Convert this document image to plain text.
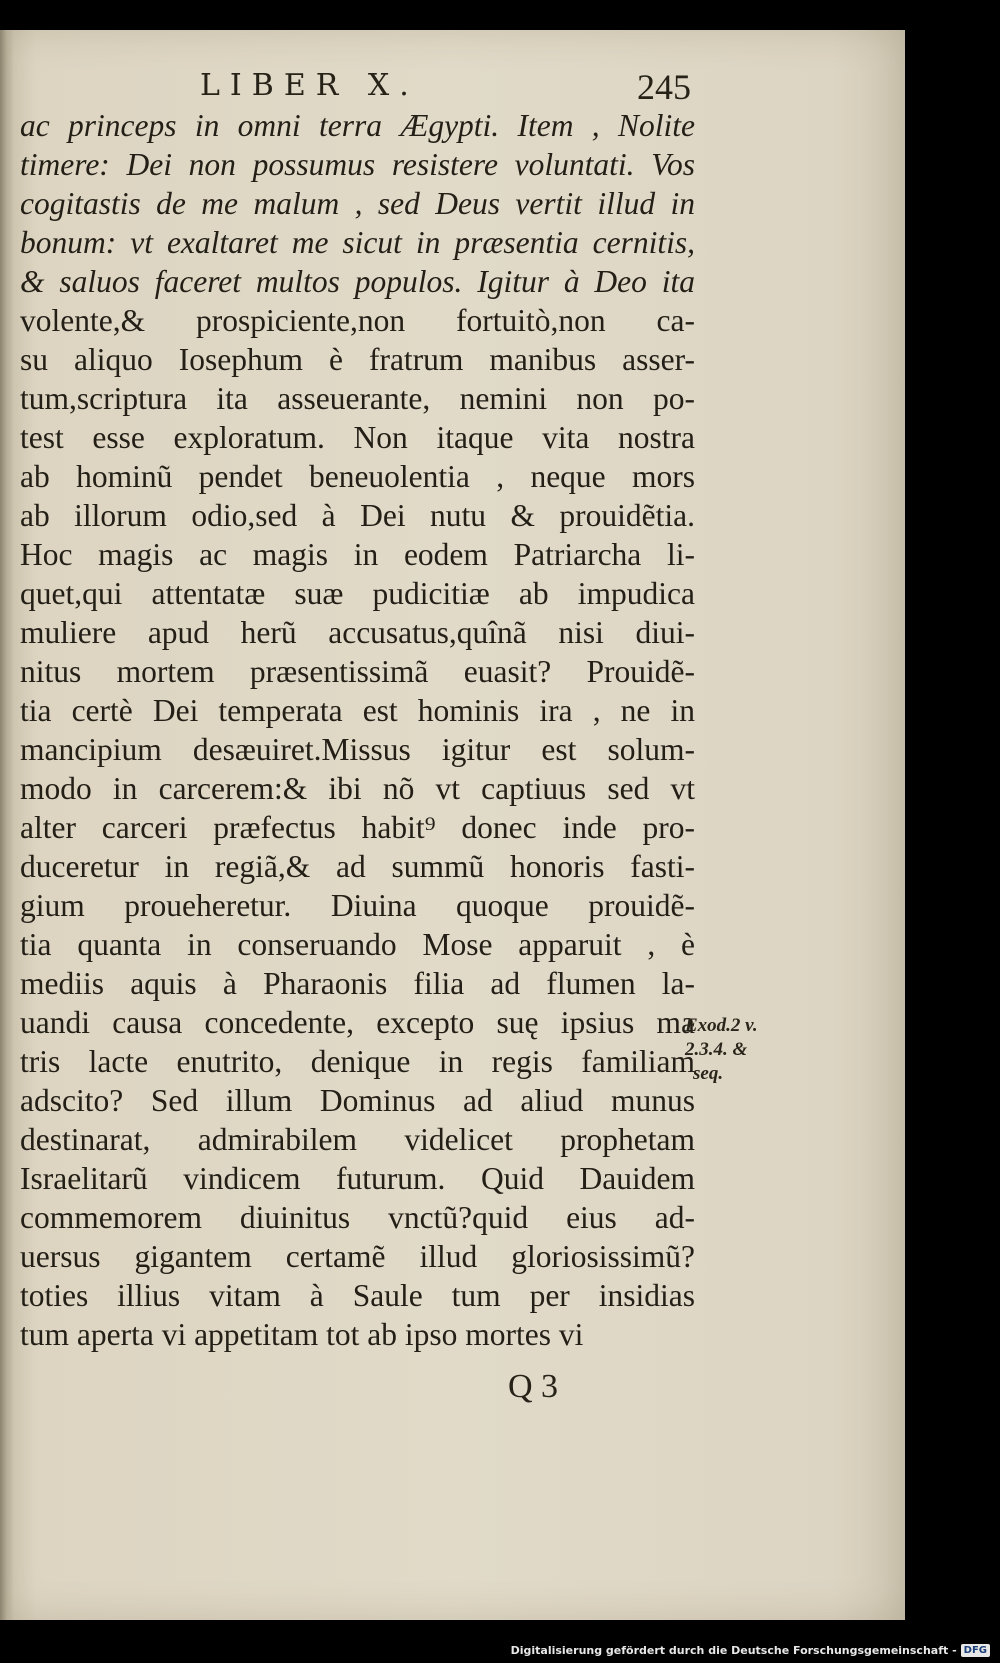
LIBER X.	245
ac princeps in omni terra Ægypti. Item , Nolite
timere: Dei non possumus resistere voluntati. Vos
cogitastis de me malum , sed Deus vertit illud in
bonum: vt exaltaret me sicut in præsentia cernitis,
& saluos faceret multos populos. Igitur à Deo ita
volente,& prospiciente,non fortuitò,non ca-
su aliquo Iosephum è fratrum manibus asser-
tum,scriptura ita asseuerante, nemini non po-
test esse exploratum. Non itaque vita nostra
ab hominũ pendet beneuolentia , neque mors
ab illorum odio,sed à Dei nutu & prouidẽtia.
Hoc magis ac magis in eodem Patriarcha li-
quet,qui attentatæ suæ pudicitiæ ab impudica
muliere apud herũ accusatus,quînã nisi diui-
nitus mortem præsentissimã euasit? Prouidẽ-
tia certè Dei temperata est hominis ira , ne in
mancipium desæuiret.Missus igitur est solum-
modo in carcerem:& ibi nõ vt captiuus sed vt
alter carceri præfectus habit⁹ donec inde pro-
duceretur in regiã,& ad summũ honoris fasti-
gium proueheretur. Diuina quoque prouidẽ-
tia quanta in conseruando Mose apparuit , è
mediis aquis à Pharaonis filia ad flumen la-
uandi causa concedente, excepto suę ipsius ma
tris lacte enutrito, denique in regis familiam
adscito? Sed illum Dominus ad aliud munus
destinarat, admirabilem videlicet prophetam
Israelitarũ vindicem futurum. Quid Dauidem
commemorem diuinitus vnctũ?quid eius ad-
uersus gigantem certamẽ illud gloriosissimũ?
toties illius vitam à Saule tum per insidias
tum aperta vi appetitam tot ab ipso mortes vi
Exod.2 v.
2.3.4. &
seq.
Q 3
Digitalisierung gefördert durch die Deutsche Forschungsgemeinschaft - DFG
